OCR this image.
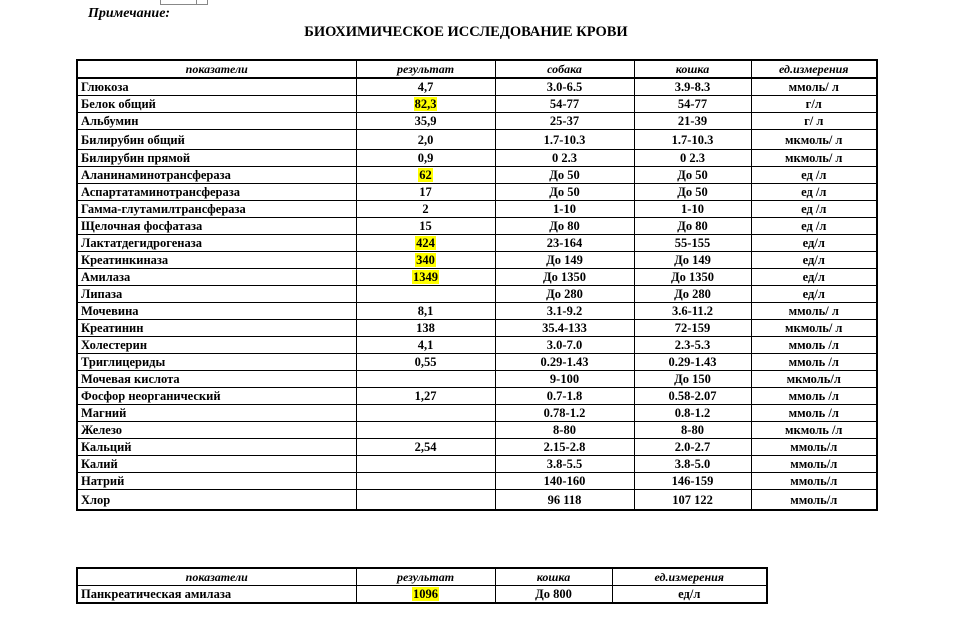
Примечание:
БИОХИМИЧЕСКОЕ ИССЛЕДОВАНИЕ КРОВИ
показатели	результат	собака	кошка	ед.измерения
Глюкоза	4,7	3.0-6.5	3.9-8.3	ммоль/ л
Белок общий	82,3	54-77	54-77	г/л
Альбумин	35,9	25-37	21-39	г/ л
Билирубин общий	2,0	1.7-10.3	1.7-10.3	мкмоль/ л
Билирубин прямой	0,9	0 2.3	0 2.3	мкмоль/ л
Аланинаминотрансфераза	62	До 50	До 50	ед /л
Аспартатаминотрансфераза	17	До 50	До 50	ед /л
Гамма-глутамилтрансфераза	2	1-10	1-10	ед /л
Щелочная фосфатаза	15	До 80	До 80	ед /л
Лактатдегидрогеназа	424	23-164	55-155	ед/л
Креатинкиназа	340	До 149	До 149	ед/л
Амилаза	1349	До 1350	До 1350	ед/л
Липаза		До 280	До 280	ед/л
Мочевина	8,1	3.1-9.2	3.6-11.2	ммоль/ л
Креатинин	138	35.4-133	72-159	мкмоль/ л
Холестерин	4,1	3.0-7.0	2.3-5.3	ммоль /л
Триглицериды	0,55	0.29-1.43	0.29-1.43	ммоль /л
Мочевая кислота		9-100	До 150	мкмоль/л
Фосфор неорганический	1,27	0.7-1.8	0.58-2.07	ммоль /л
Магний		0.78-1.2	0.8-1.2	ммоль /л
Железо		8-80	8-80	мкмоль /л
Кальций	2,54	2.15-2.8	2.0-2.7	ммоль/л
Калий		3.8-5.5	3.8-5.0	ммоль/л
Натрий		140-160	146-159	ммоль/л
Хлор		96 118	107 122	ммоль/л
показатели	результат	кошка	ед.измерения
Панкреатическая амилаза	1096	До 800	ед/л
